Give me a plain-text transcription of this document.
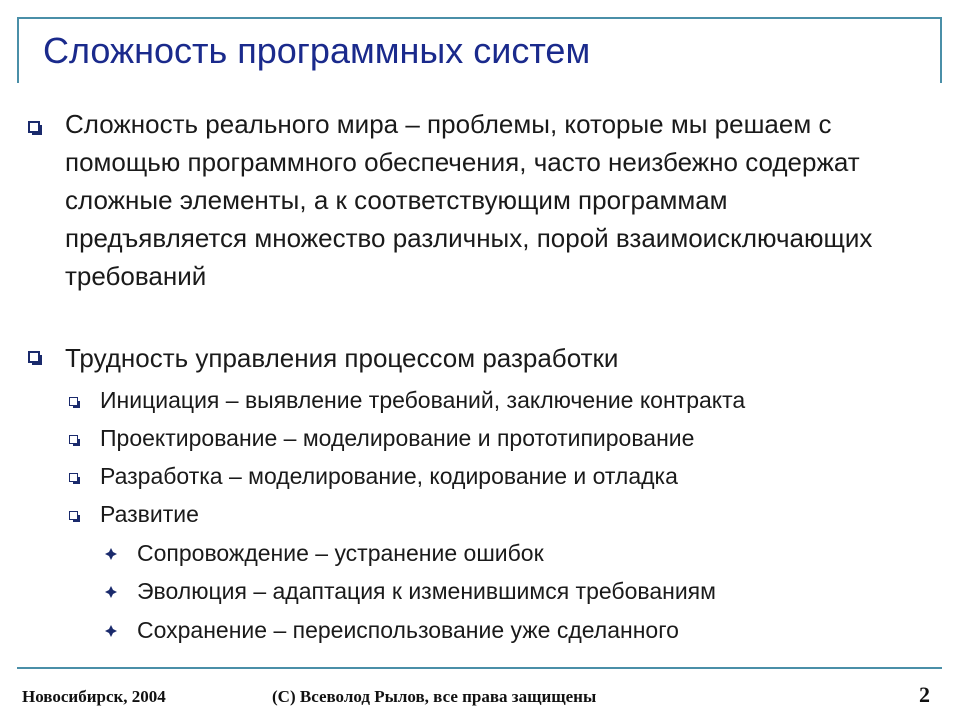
Сложность программных систем
Сложность реального мира – проблемы, которые мы решаем с помощью программного обеспечения, часто неизбежно содержат сложные элементы, а к соответствующим программам предъявляется множество различных, порой взаимоисключающих требований
Трудность управления процессом разработки
Инициация – выявление требований, заключение контракта
Проектирование – моделирование и прототипирование
Разработка – моделирование, кодирование и отладка
Развитие
Сопровождение – устранение ошибок
Эволюция – адаптация к изменившимся требованиям
Сохранение – переиспользование уже сделанного
Новосибирск, 2004	(C) Всеволод Рылов, все права защищены	2
